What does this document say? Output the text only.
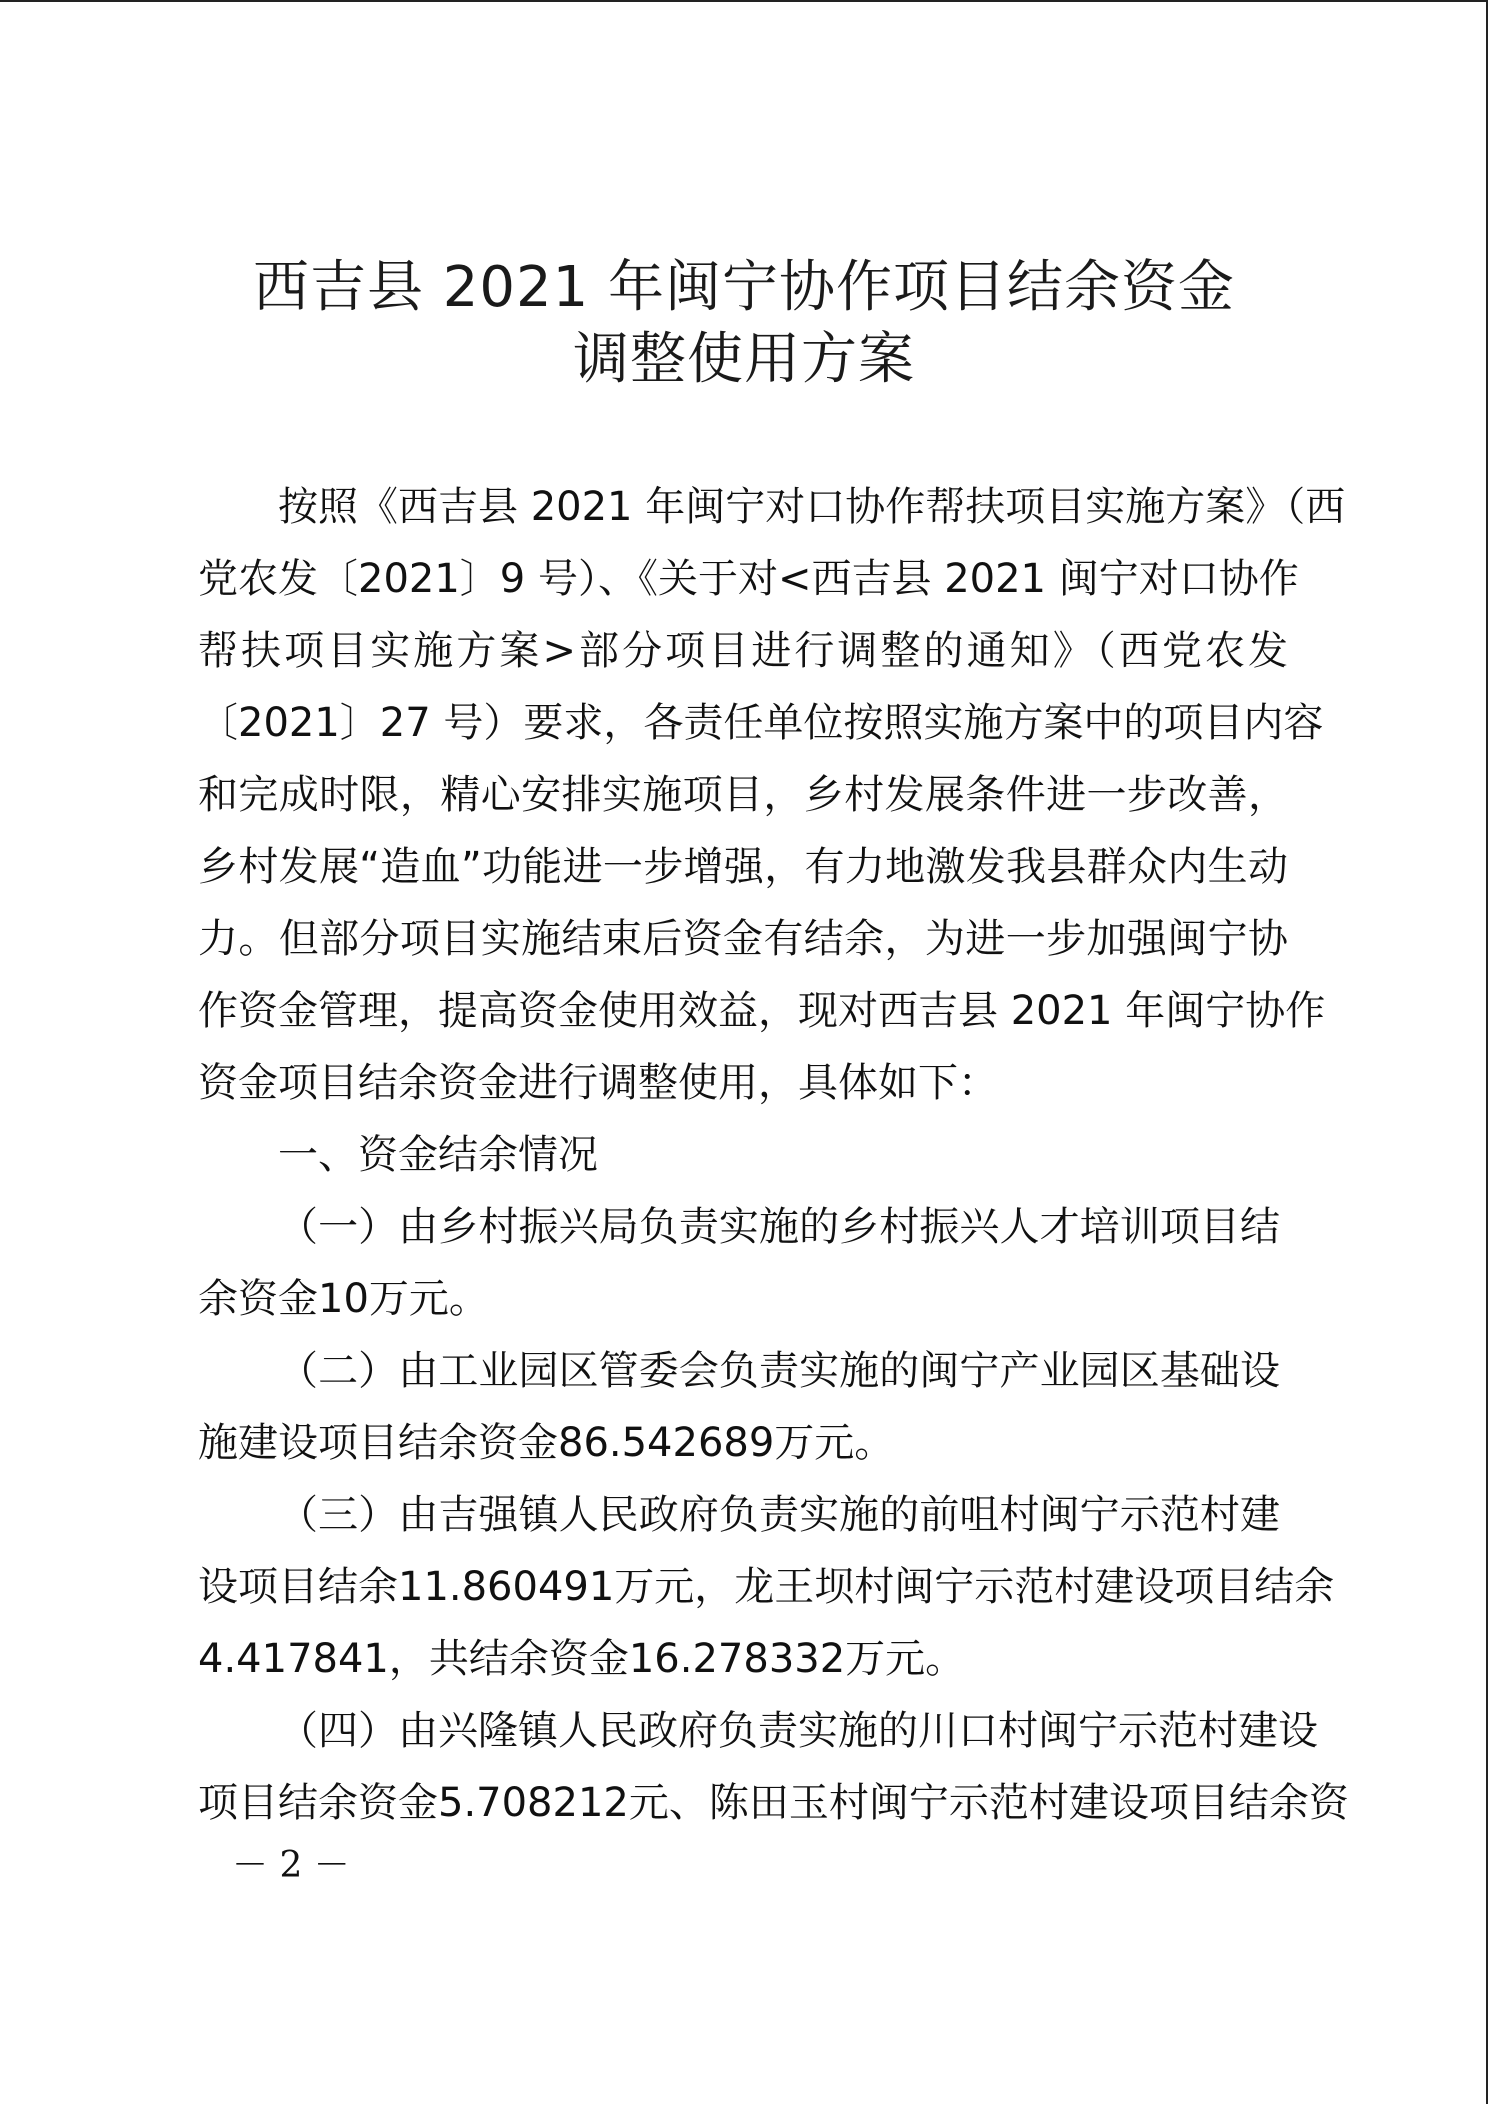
西吉县 2021 年闽宁协作项目结余资金
调整使用方案
按照《西吉县 2021 年闽宁对口协作帮扶项目实施方案》（西
党农发〔2021〕9 号）、《关于对<西吉县 2021 闽宁对口协作
帮扶项目实施方案>部分项目进行调整的通知》（西党农发
〔2021〕27 号）要求，各责任单位按照实施方案中的项目内容
和完成时限，精心安排实施项目，乡村发展条件进一步改善，
乡村发展“造血”功能进一步增强，有力地激发我县群众内生动
力。但部分项目实施结束后资金有结余，为进一步加强闽宁协
作资金管理，提高资金使用效益，现对西吉县 2021 年闽宁协作
资金项目结余资金进行调整使用，具体如下：
一、资金结余情况
（一）由乡村振兴局负责实施的乡村振兴人才培训项目结
余资金10万元。
（二）由工业园区管委会负责实施的闽宁产业园区基础设
施建设项目结余资金86.542689万元。
（三）由吉强镇人民政府负责实施的前咀村闽宁示范村建
设项目结余11.860491万元，龙王坝村闽宁示范村建设项目结余
4.417841，共结余资金16.278332万元。
（四）由兴隆镇人民政府负责实施的川口村闽宁示范村建设
项目结余资金5.708212元、陈田玉村闽宁示范村建设项目结余资
－ 2 －
